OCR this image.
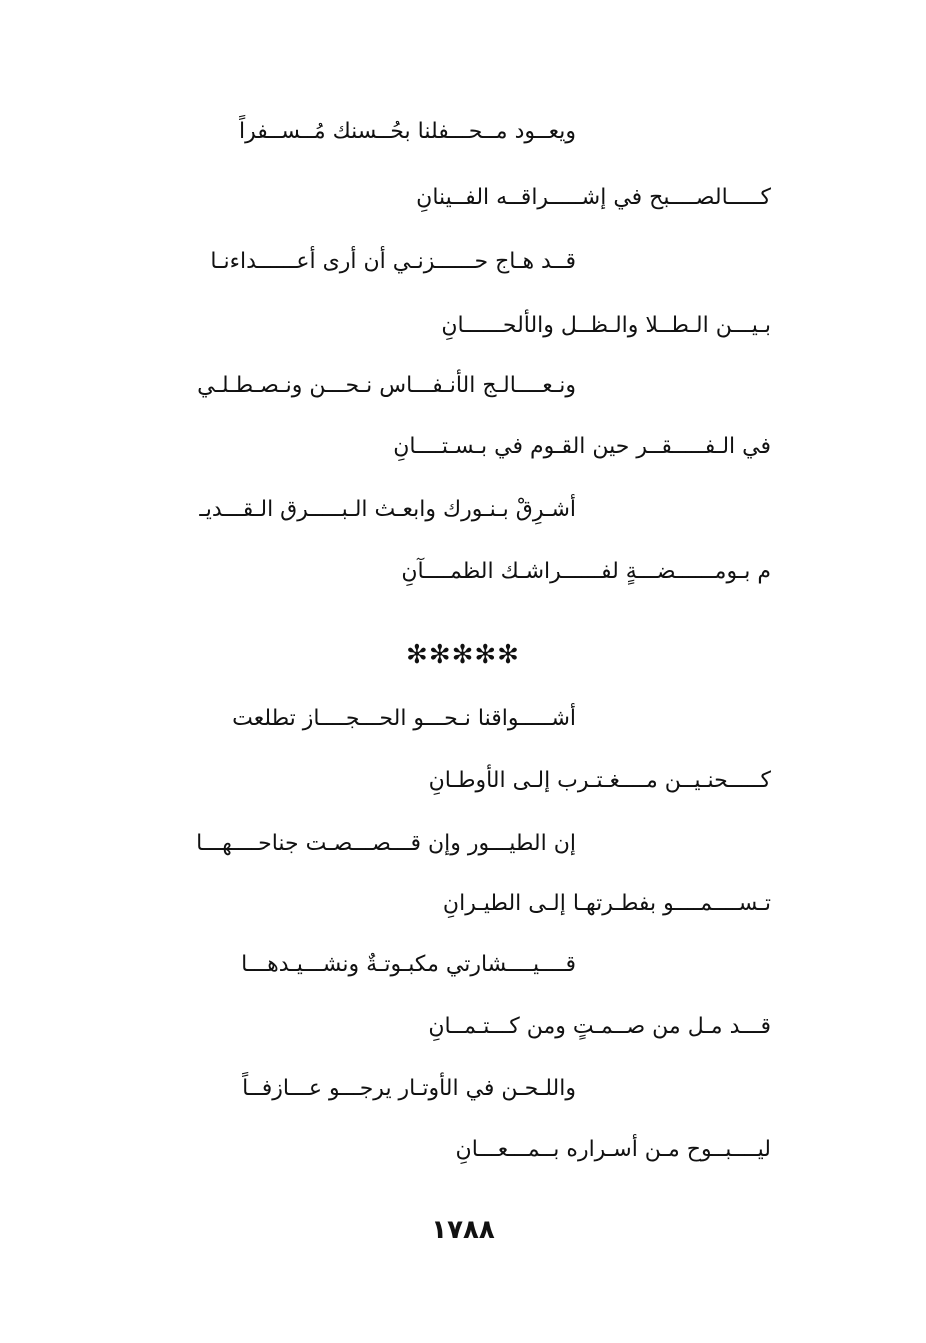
ويعــود مــحـــفلنا بحُــسنك مُــســفراً
كـــــالصــــبح في إشـــــراقــه الفــينانِ
قــد هـاج حــــــزنـي أن أرى أعــــــداءنـا
بـيـــن الـطــلا والـظــل والألحــــــانِ
ونـعــــالـج الأنـفـــاس نـحـــن ونـصـطـلـي
في الـفـــــقــر حين القـوم في بـسـتــــانِ
أشـرِقْ بـنـورك وابعـث الـبـــــرق الـقـــديـ
م بـومــــــضـــةٍ لفــــــراشـك الظمــــآنِ
✻✻✻✻✻
أشـــــواقنا نـحـــو الحـــجــــاز تطلعت
كـــــحنـيــن مــــغـتـرب إلـى الأوطـانِ
إن الطيـــور وإن قـــصـــصـت جناحــــهـــا
تـســــمــــو بفطـرتهـا إلـى الطيـرانِ
قــــيــــشارتي مكبـوتـةٌ ونشـــيـدهـــا
قـــد مـل من صــمـتٍ ومن كـــتـمــانِ
واللـحـن في الأوتـار يرجـــو عـــازفــاً
ليــــبــوح مـن أسـراره بــمـــعـــانِ
١٧٨٨
